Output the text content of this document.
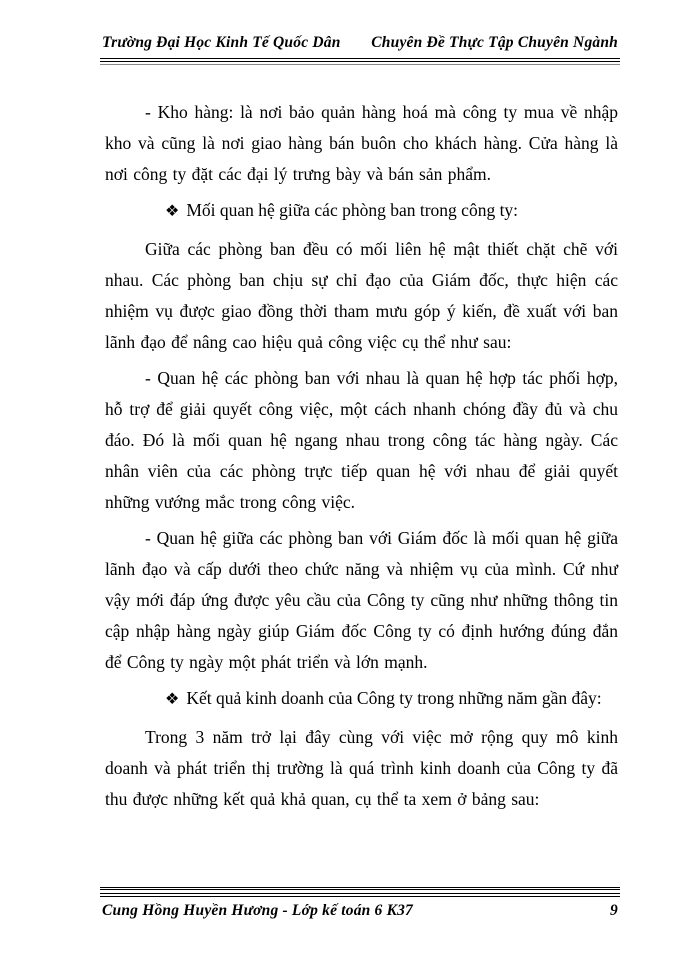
Trường Đại Học Kinh Tế Quốc Dân Chuyên Đề Thực Tập Chuyên Ngành

- Kho hàng: là nơi bảo quản hàng hoá mà công ty mua về nhập kho và cũng là nơi giao hàng bán buôn cho khách hàng. Cửa hàng là nơi công ty đặt các đại lý trưng bày và bán sản phẩm.

❖ Mối quan hệ giữa các phòng ban trong công ty:

Giữa các phòng ban đều có mối liên hệ mật thiết chặt chẽ với nhau. Các phòng ban chịu sự chỉ đạo của Giám đốc, thực hiện các nhiệm vụ được giao đồng thời tham mưu góp ý kiến, đề xuất với ban lãnh đạo để nâng cao hiệu quả công việc cụ thể như sau:

- Quan hệ các phòng ban với nhau là quan hệ hợp tác phối hợp, hỗ trợ để giải quyết công việc, một cách nhanh chóng đầy đủ và chu đáo. Đó là mối quan hệ ngang nhau trong công tác hàng ngày. Các nhân viên của các phòng trực tiếp quan hệ với nhau để giải quyết những vướng mắc trong công việc.

- Quan hệ giữa các phòng ban với Giám đốc là mối quan hệ giữa lãnh đạo và cấp dưới theo chức năng và nhiệm vụ của mình. Cứ như vậy mới đáp ứng được yêu cầu của Công ty cũng như những thông tin cập nhập hàng ngày giúp Giám đốc Công ty có định hướng đúng đắn để Công ty ngày một phát triển và lớn mạnh.

❖ Kết quả kinh doanh của Công ty trong những năm gần đây:

Trong 3 năm trở lại đây cùng với việc mở rộng quy mô kinh doanh và phát triển thị trường là quá trình kinh doanh của Công ty đã thu được những kết quả khả quan, cụ thể ta xem ở bảng sau:

Cung Hồng Huyền Hương - Lớp kế toán 6 K37	9
